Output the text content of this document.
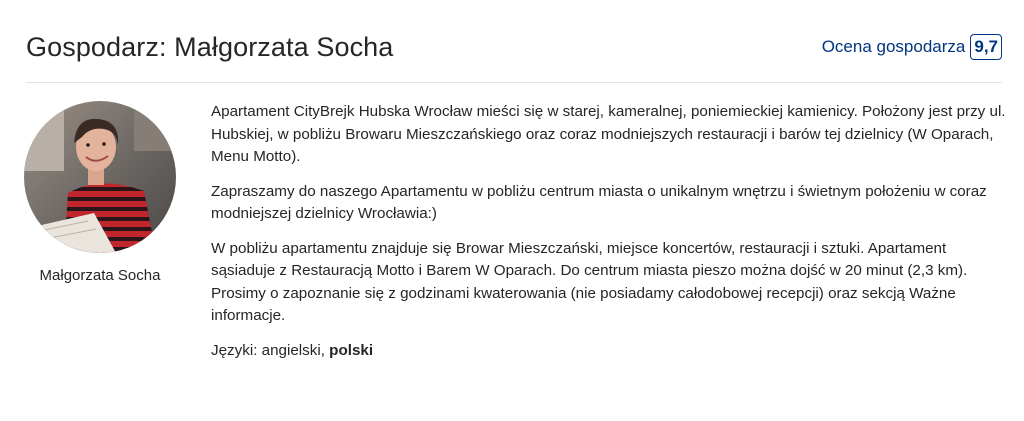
Gospodarz: Małgorzata Socha	Ocena gospodarza 9,7
Małgorzata Socha

Apartament CityBrejk Hubska Wrocław mieści się w starej, kameralnej, poniemieckiej kamienicy. Położony jest przy ul. Hubskiej, w pobliżu Browaru Mieszczańskiego oraz coraz modniejszych restauracji i barów tej dzielnicy (W Oparach, Menu Motto).

Zapraszamy do naszego Apartamentu w pobliżu centrum miasta o unikalnym wnętrzu i świetnym położeniu w coraz modniejszej dzielnicy Wrocławia:)

W pobliżu apartamentu znajduje się Browar Mieszczański, miejsce koncertów, restauracji i sztuki. Apartament sąsiaduje z Restauracją Motto i Barem W Oparach. Do centrum miasta pieszo można dojść w 20 minut (2,3 km). Prosimy o zapoznanie się z godzinami kwaterowania (nie posiadamy całodobowej recepcji) oraz sekcją Ważne informacje.

Języki: angielski, polski
